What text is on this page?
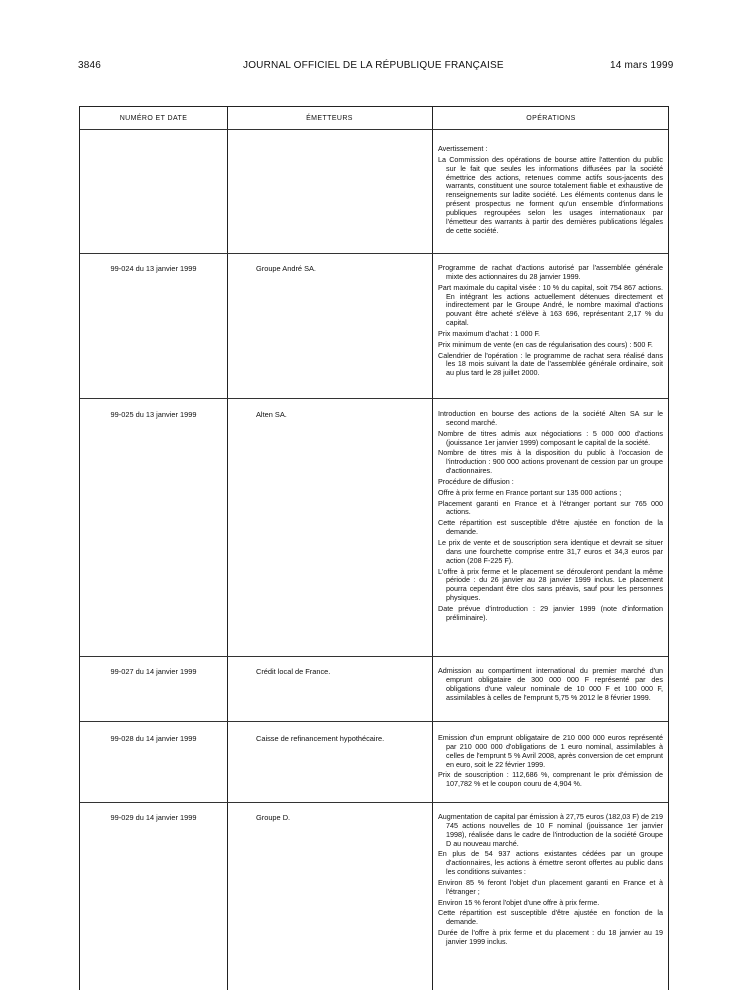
3846	JOURNAL OFFICIEL DE LA RÉPUBLIQUE FRANÇAISE	14 mars 1999
NUMÉRO ET DATE	ÉMETTEURS	OPÉRATIONS

Avertissement :

La Commission des opérations de bourse attire l'attention du public sur le fait que seules les informations diffusées par la société émettrice des actions, retenues comme actifs sous-jacents des warrants, constituent une source totalement fiable et exhaustive de renseignements sur ladite société. Les éléments contenus dans le présent prospectus ne forment qu'un ensemble d'informations publiques regroupées selon les usages internationaux par l'émetteur des warrants à partir des dernières publications légales de cette société.

99-024 du 13 janvier 1999	Groupe André SA.	Programme de rachat d'actions autorisé par l'assemblée générale mixte des actionnaires du 28 janvier 1999.

Part maximale du capital visée : 10 % du capital, soit 754 867 actions. En intégrant les actions actuellement détenues directement et indirectement par le Groupe André, le nombre maximal d'actions pouvant être acheté s'élève à 163 696, représentant 2,17 % du capital.

Prix maximum d'achat : 1 000 F.

Prix minimum de vente (en cas de régularisation des cours) : 500 F.

Calendrier de l'opération : le programme de rachat sera réalisé dans les 18 mois suivant la date de l'assemblée générale ordinaire, soit au plus tard le 28 juillet 2000.

99-025 du 13 janvier 1999	Alten SA.	Introduction en bourse des actions de la société Alten SA sur le second marché.

Nombre de titres admis aux négociations : 5 000 000 d'actions (jouissance 1er janvier 1999) composant le capital de la société.

Nombre de titres mis à la disposition du public à l'occasion de l'introduction : 900 000 actions provenant de cession par un groupe d'actionnaires.

Procédure de diffusion :

Offre à prix ferme en France portant sur 135 000 actions ;

Placement garanti en France et à l'étranger portant sur 765 000 actions.

Cette répartition est susceptible d'être ajustée en fonction de la demande.

Le prix de vente et de souscription sera identique et devrait se situer dans une fourchette comprise entre 31,7 euros et 34,3 euros par action (208 F-225 F).

L'offre à prix ferme et le placement se dérouleront pendant la même période : du 26 janvier au 28 janvier 1999 inclus. Le placement pourra cependant être clos sans préavis, sauf pour les personnes physiques.

Date prévue d'introduction : 29 janvier 1999 (note d'information préliminaire).

99-027 du 14 janvier 1999	Crédit local de France.	Admission au compartiment international du premier marché d'un emprunt obligataire de 300 000 000 F représenté par des obligations d'une valeur nominale de 10 000 F et 100 000 F, assimilables à celles de l'emprunt 5,75 % 2012 le 8 février 1999.

99-028 du 14 janvier 1999	Caisse de refinancement hypothécaire.	Emission d'un emprunt obligataire de 210 000 000 euros représenté par 210 000 000 d'obligations de 1 euro nominal, assimilables à celles de l'emprunt 5 % Avril 2008, après conversion de cet emprunt en euro, soit le 22 février 1999.

Prix de souscription : 112,686 %, comprenant le prix d'émission de 107,782 % et le coupon couru de 4,904 %.

99-029 du 14 janvier 1999	Groupe D.	Augmentation de capital par émission à 27,75 euros (182,03 F) de 219 745 actions nouvelles de 10 F nominal (jouissance 1er janvier 1998), réalisée dans le cadre de l'introduction de la société Groupe D au nouveau marché.

En plus de 54 937 actions existantes cédées par un groupe d'actionnaires, les actions à émettre seront offertes au public dans les conditions suivantes :

Environ 85 % feront l'objet d'un placement garanti en France et à l'étranger ;

Environ 15 % feront l'objet d'une offre à prix ferme.

Cette répartition est susceptible d'être ajustée en fonction de la demande.

Durée de l'offre à prix ferme et du placement : du 18 janvier au 19 janvier 1999 inclus.
